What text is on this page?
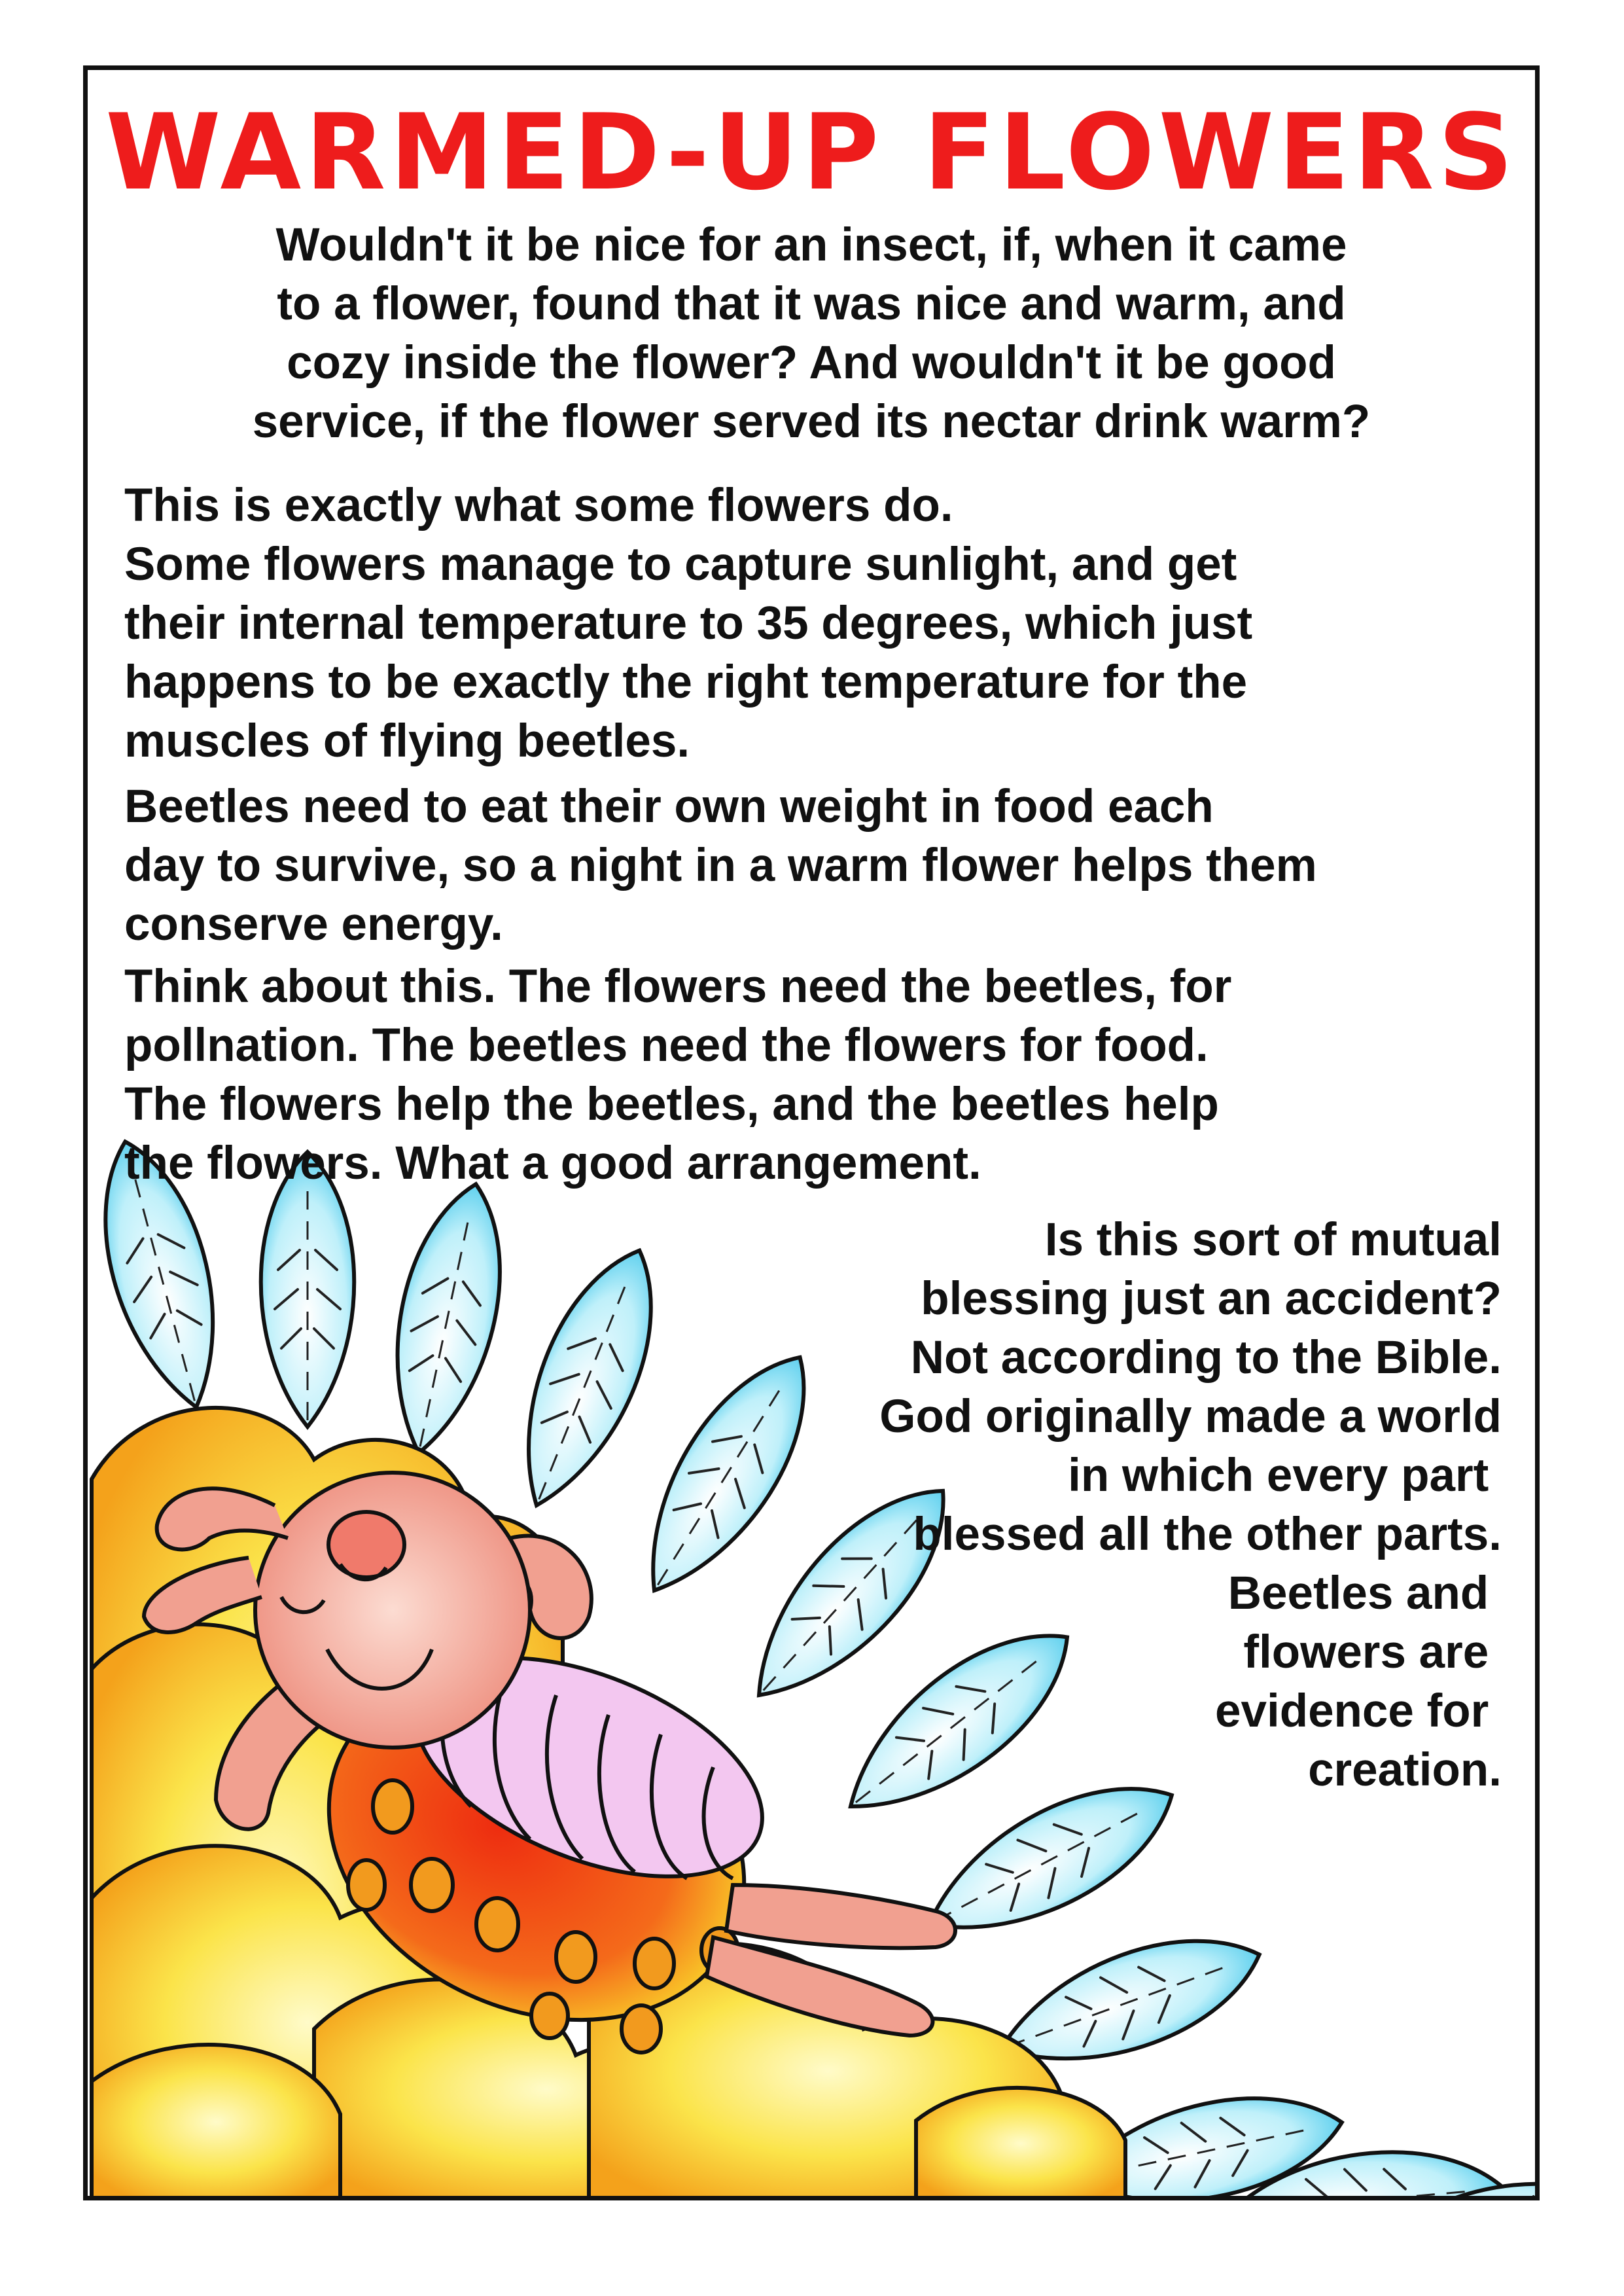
WARMED-UP FLOWERS
Wouldn't it be nice for an insect, if, when it came
to a flower, found that it was nice and warm, and
cozy inside the flower? And wouldn't it be good
service, if the flower served its nectar drink warm?
This is exactly what some flowers do.
Some flowers manage to capture sunlight, and get
their internal temperature to 35 degrees, which just
happens to be exactly the right temperature for the
muscles of flying beetles.
Beetles need to eat their own weight in food each
day to survive, so a night in a warm flower helps them
conserve energy.
Think about this. The flowers need the beetles, for
pollnation. The beetles need the flowers for food.
The flowers help the beetles, and the beetles help
the flowers. What a good arrangement.
Is this sort of mutual
blessing just an accident?
Not according to the Bible.
God originally made a world
in which every part
blessed all the other parts.
Beetles and
flowers are
evidence for
creation.
